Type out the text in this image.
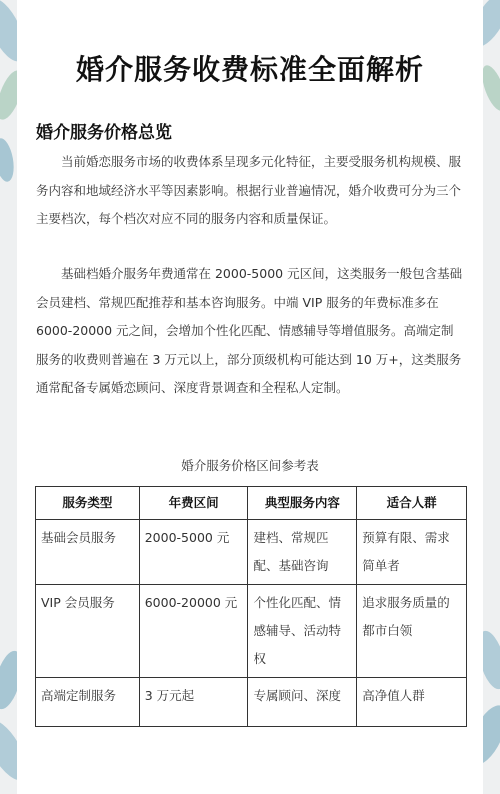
婚介服务收费标准全面解析
婚介服务价格总览

当前婚恋服务市场的收费体系呈现多元化特征，主要受服务机构规模、服务内容和地域经济水平等因素影响。根据行业普遍情况，婚介收费可分为三个主要档次，每个档次对应不同的服务内容和质量保证。

基础档婚介服务年费通常在 2000-5000 元区间，这类服务一般包含基础会员建档、常规匹配推荐和基本咨询服务。中端 VIP 服务的年费标准多在 6000-20000 元之间，会增加个性化匹配、情感辅导等增值服务。高端定制服务的收费则普遍在 3 万元以上，部分顶级机构可能达到 10 万+，这类服务通常配备专属婚恋顾问、深度背景调查和全程私人定制。

婚介服务价格区间参考表
服务类型	年费区间	典型服务内容	适合人群
基础会员服务	2000-5000 元	建档、常规匹配、基础咨询	预算有限、需求简单者
VIP 会员服务	6000-20000 元	个性化匹配、情感辅导、活动特权	追求服务质量的都市白领
高端定制服务	3 万元起	专属顾问、深度	高净值人群
